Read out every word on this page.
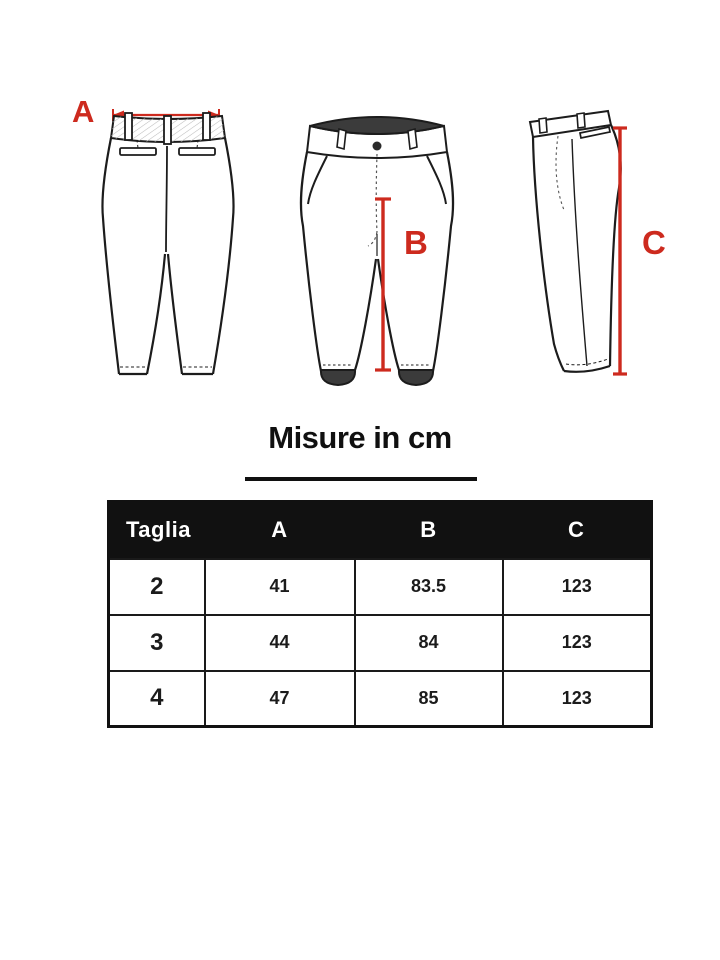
A
B	C
Misure in cm
Taglia	A	B	C
2	41	83.5	123
3	44	84	123
4	47	85	123
